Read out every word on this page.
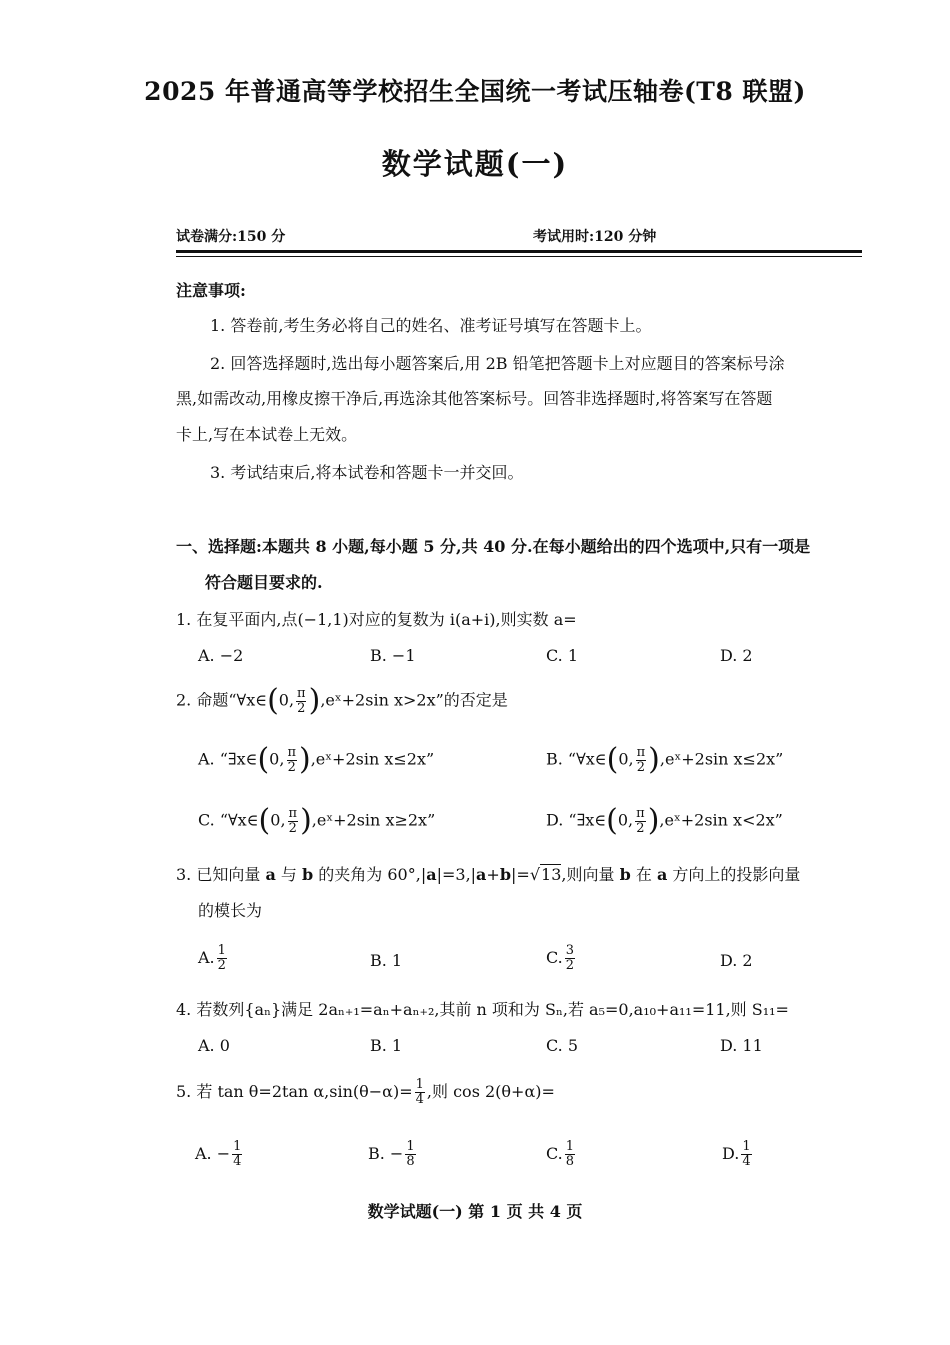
2025 年普通高等学校招生全国统一考试压轴卷(T8 联盟)
数学试题(一)
试卷满分:150 分	考试用时:120 分钟
注意事项:
1. 答卷前,考生务必将自己的姓名、准考证号填写在答题卡上。
2. 回答选择题时,选出每小题答案后,用 2B 铅笔把答题卡上对应题目的答案标号涂
黑,如需改动,用橡皮擦干净后,再选涂其他答案标号。回答非选择题时,将答案写在答题
卡上,写在本试卷上无效。
3. 考试结束后,将本试卷和答题卡一并交回。
一、选择题:本题共 8 小题,每小题 5 分,共 40 分.在每小题给出的四个选项中,只有一项是
符合题目要求的.
1. 在复平面内,点(−1,1)对应的复数为 i(a+i),则实数 a=
A. −2	B. −1	C. 1	D. 2
2. 命题“∀x∈(0, $\frac{\pi}{2}$ ),eˣ+2sin x>2x”的否定是
A. “∃x∈(0, $\frac{\pi}{2}$ ),eˣ+2sin x≤2x”	B. “∀x∈(0, $\frac{\pi}{2}$ ),eˣ+2sin x≤2x”
C. “∀x∈(0, $\frac{\pi}{2}$ ),eˣ+2sin x≥2x”	D. “∃x∈(0, $\frac{\pi}{2}$ ),eˣ+2sin x<2x”
3. 已知向量 a 与 b 的夹角为 60°,|a|=3,|a+b|=√13,则向量 b 在 a 方向上的投影向量
的模长为
A. $\frac{1}{2}$	B. 1	C. $\frac{3}{2}$	D. 2
4. 若数列{aₙ}满足 2aₙ₊₁=aₙ+aₙ₊₂,其前 n 项和为 Sₙ,若 a₅=0,a₁₀+a₁₁=11,则 S₁₁=
A. 0	B. 1	C. 5	D. 11
5. 若 tan θ=2tan $\alpha,\sin(\theta-\alpha)= \frac{1}{4}$ ,则 cos 2(θ+α)=
A. − $\frac{1}{4}$	B. − $\frac{1}{8}$	C. $\frac{1}{8}$	D. $\frac{1}{4}$
数学试题(一) 第 1 页 共 4 页
